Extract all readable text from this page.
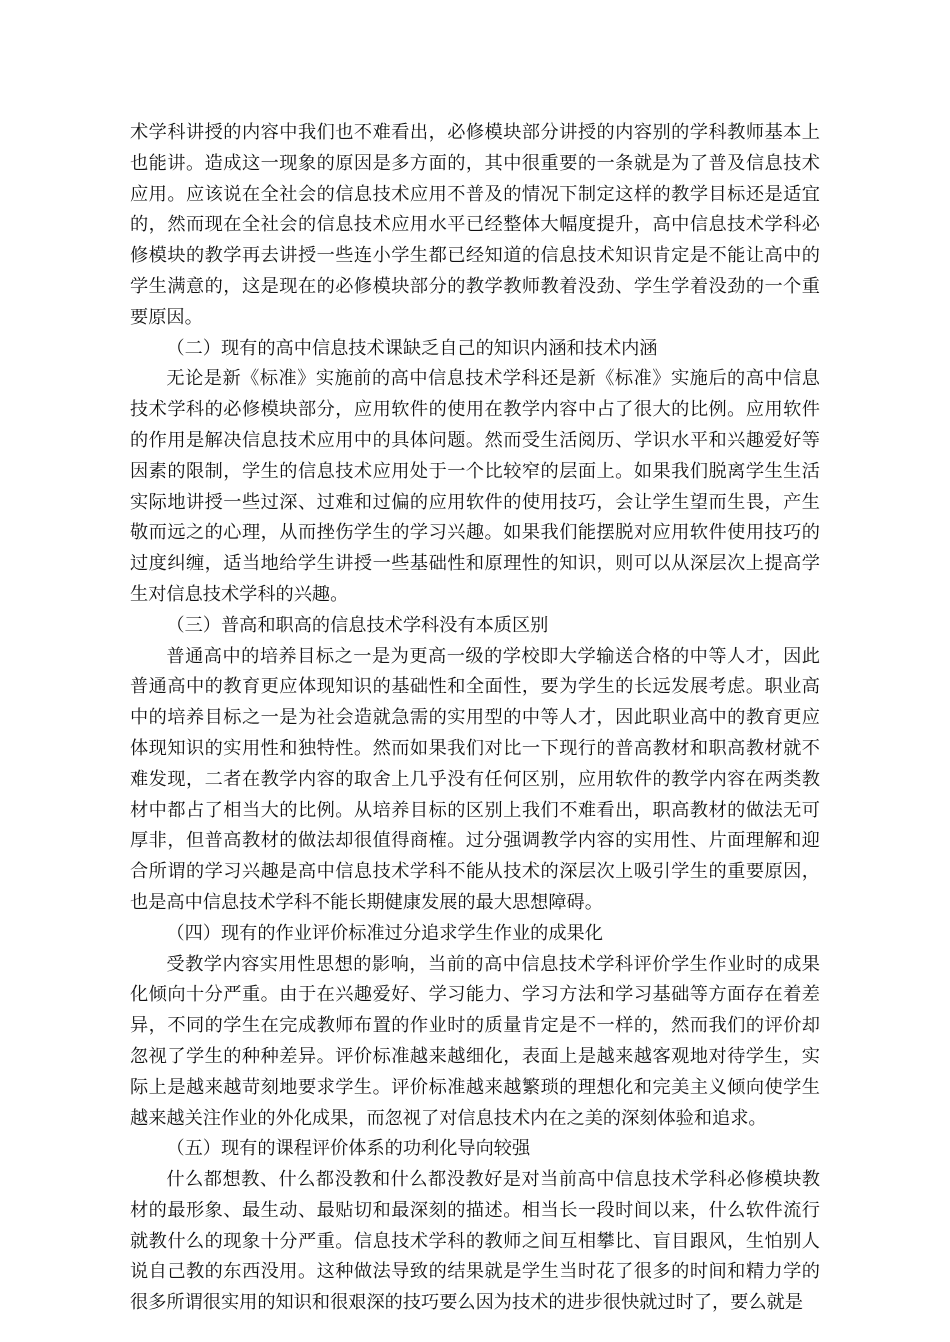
术学科讲授的内容中我们也不难看出，必修模块部分讲授的内容别的学科教师基本上也能讲。造成这一现象的原因是多方面的，其中很重要的一条就是为了普及信息技术应用。应该说在全社会的信息技术应用不普及的情况下制定这样的教学目标还是适宜的，然而现在全社会的信息技术应用水平已经整体大幅度提升，高中信息技术学科必修模块的教学再去讲授一些连小学生都已经知道的信息技术知识肯定是不能让高中的学生满意的，这是现在的必修模块部分的教学教师教着没劲、学生学着没劲的一个重要原因。

（二）现有的高中信息技术课缺乏自己的知识内涵和技术内涵

无论是新《标准》实施前的高中信息技术学科还是新《标准》实施后的高中信息技术学科的必修模块部分，应用软件的使用在教学内容中占了很大的比例。应用软件的作用是解决信息技术应用中的具体问题。然而受生活阅历、学识水平和兴趣爱好等因素的限制，学生的信息技术应用处于一个比较窄的层面上。如果我们脱离学生生活实际地讲授一些过深、过难和过偏的应用软件的使用技巧，会让学生望而生畏，产生敬而远之的心理，从而挫伤学生的学习兴趣。如果我们能摆脱对应用软件使用技巧的过度纠缠，适当地给学生讲授一些基础性和原理性的知识，则可以从深层次上提高学生对信息技术学科的兴趣。

（三）普高和职高的信息技术学科没有本质区别

普通高中的培养目标之一是为更高一级的学校即大学输送合格的中等人才，因此普通高中的教育更应体现知识的基础性和全面性，要为学生的长远发展考虑。职业高中的培养目标之一是为社会造就急需的实用型的中等人才，因此职业高中的教育更应体现知识的实用性和独特性。然而如果我们对比一下现行的普高教材和职高教材就不难发现，二者在教学内容的取舍上几乎没有任何区别，应用软件的教学内容在两类教材中都占了相当大的比例。从培养目标的区别上我们不难看出，职高教材的做法无可厚非，但普高教材的做法却很值得商榷。过分强调教学内容的实用性、片面理解和迎合所谓的学习兴趣是高中信息技术学科不能从技术的深层次上吸引学生的重要原因，也是高中信息技术学科不能长期健康发展的最大思想障碍。

（四）现有的作业评价标准过分追求学生作业的成果化

受教学内容实用性思想的影响，当前的高中信息技术学科评价学生作业时的成果化倾向十分严重。由于在兴趣爱好、学习能力、学习方法和学习基础等方面存在着差异，不同的学生在完成教师布置的作业时的质量肯定是不一样的，然而我们的评价却忽视了学生的种种差异。评价标准越来越细化，表面上是越来越客观地对待学生，实际上是越来越苛刻地要求学生。评价标准越来越繁琐的理想化和完美主义倾向使学生越来越关注作业的外化成果，而忽视了对信息技术内在之美的深刻体验和追求。

（五）现有的课程评价体系的功利化导向较强

什么都想教、什么都没教和什么都没教好是对当前高中信息技术学科必修模块教材的最形象、最生动、最贴切和最深刻的描述。相当长一段时间以来，什么软件流行就教什么的现象十分严重。信息技术学科的教师之间互相攀比、盲目跟风，生怕别人说自己教的东西没用。这种做法导致的结果就是学生当时花了很多的时间和精力学的很多所谓很实用的知识和很艰深的技巧要么因为技术的进步很快就过时了，要么就是
